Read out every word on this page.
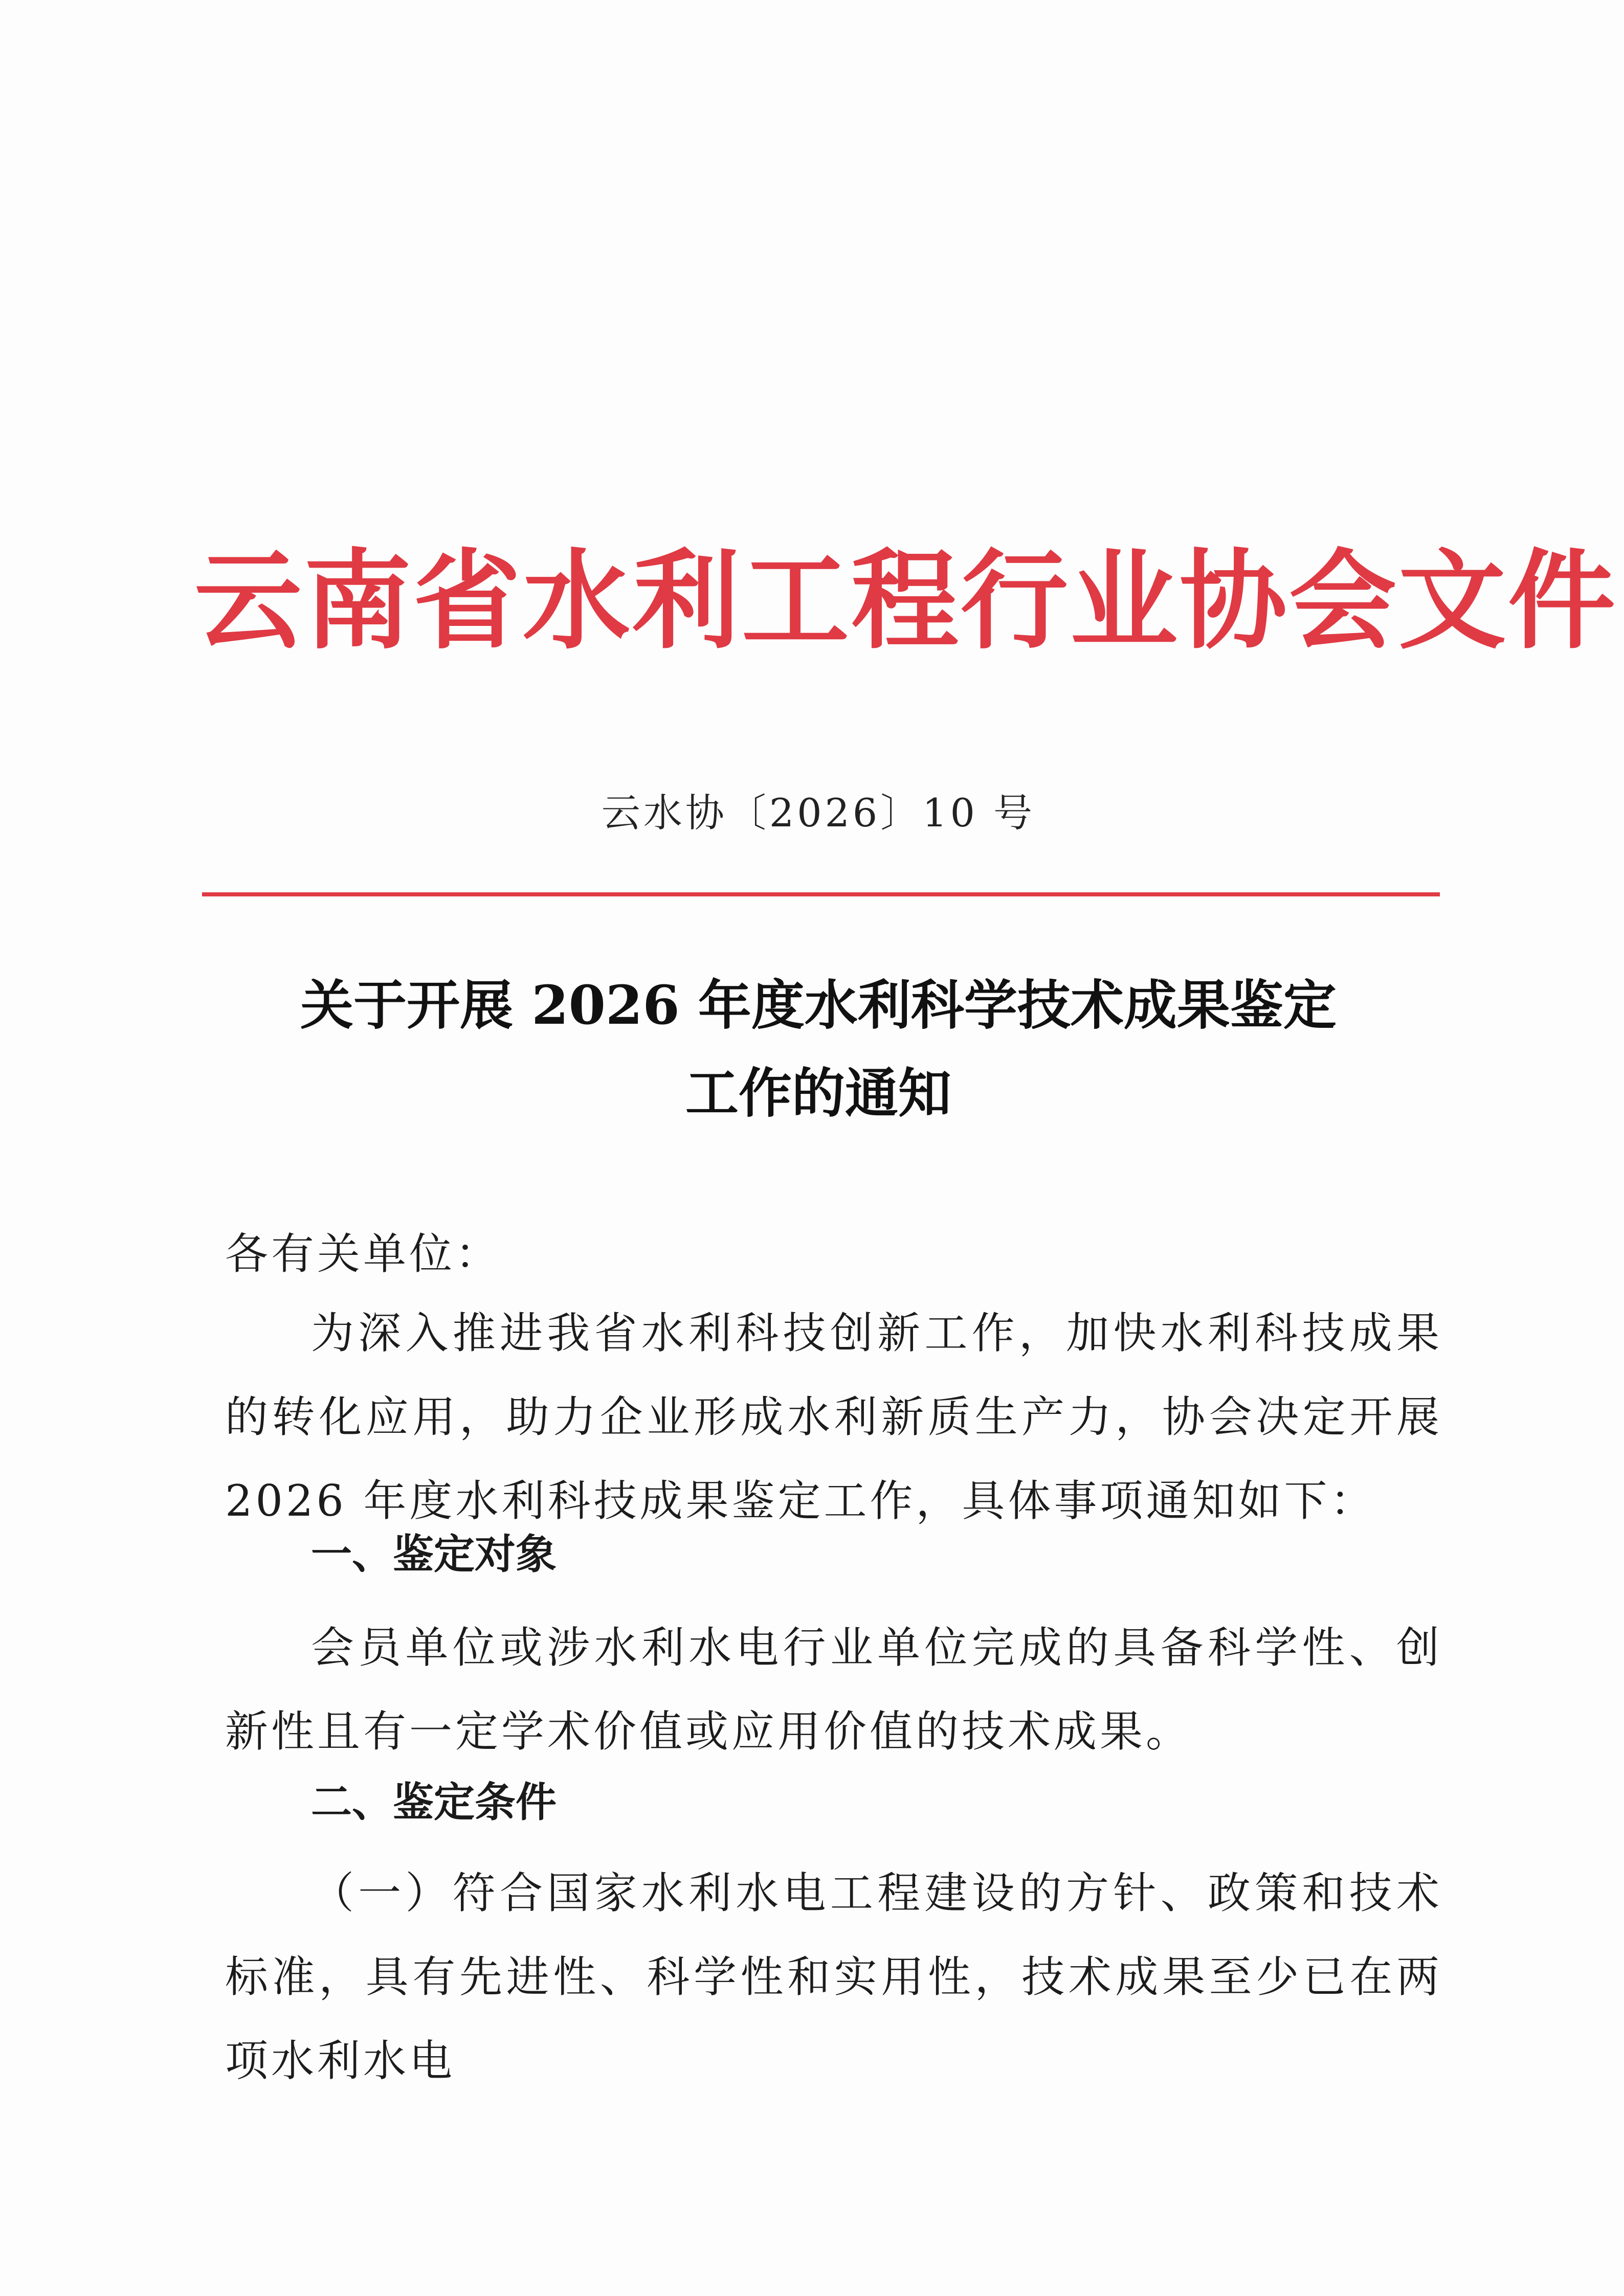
云南省水利工程行业协会文件
云水协〔2026〕10 号
关于开展 2026 年度水利科学技术成果鉴定
工作的通知
各有关单位：
为深入推进我省水利科技创新工作，加快水利科技成果的转化应用，助力企业形成水利新质生产力，协会决定开展 2026 年度水利科技成果鉴定工作，具体事项通知如下：
一、鉴定对象
会员单位或涉水利水电行业单位完成的具备科学性、创新性且有一定学术价值或应用价值的技术成果。
二、鉴定条件
（一）符合国家水利水电工程建设的方针、政策和技术标准，具有先进性、科学性和实用性，技术成果至少已在两项水利水电
